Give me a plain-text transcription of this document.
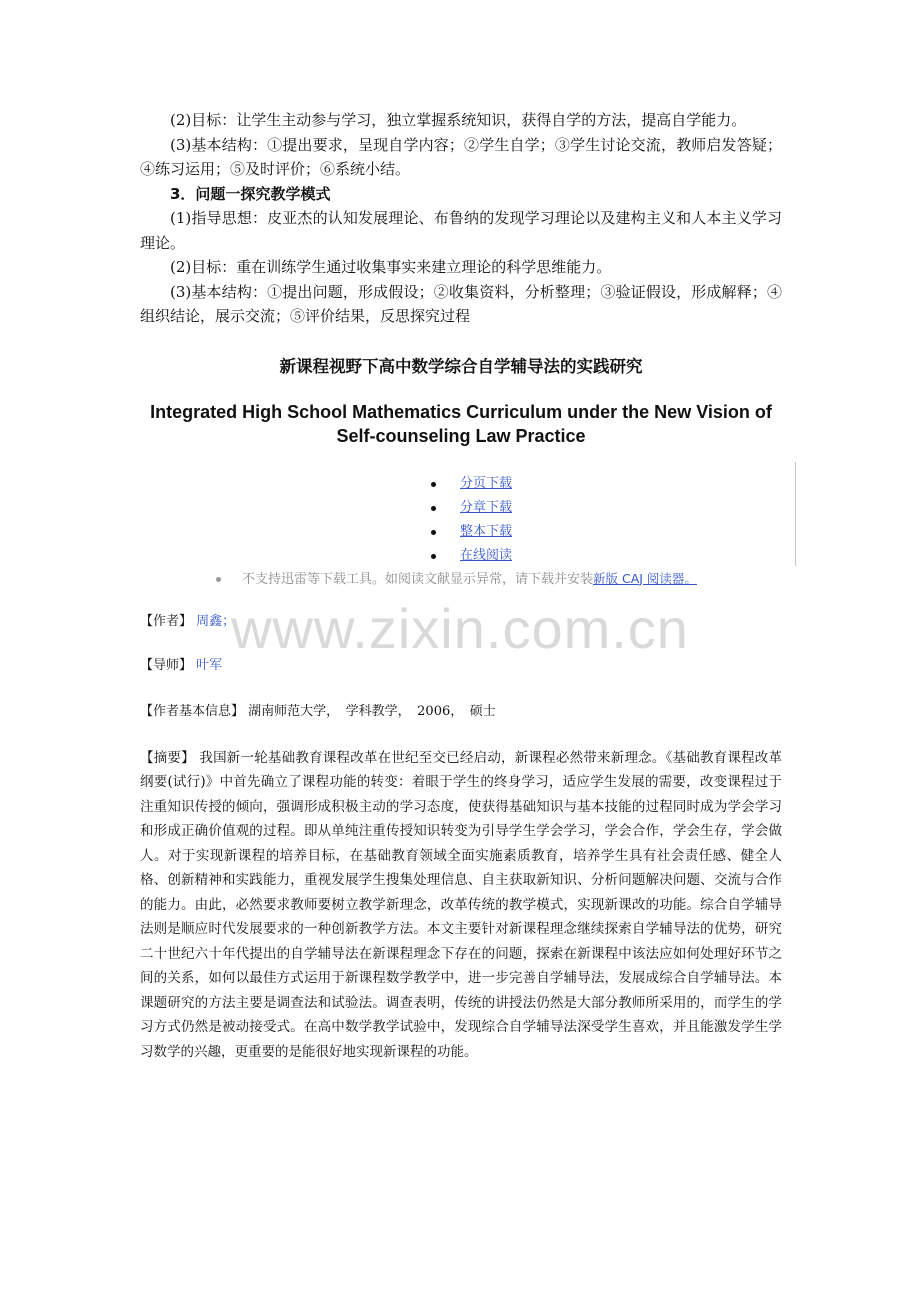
www.zixin.com.cn

(2)目标：让学生主动参与学习，独立掌握系统知识，获得自学的方法，提高自学能力。

(3)基本结构：①提出要求，呈现自学内容；②学生自学；③学生讨论交流，教师启发答疑；④练习运用；⑤及时评价；⑥系统小结。

3．问题一探究教学模式

(1)指导思想：皮亚杰的认知发展理论、布鲁纳的发现学习理论以及建构主义和人本主义学习理论。

(2)目标：重在训练学生通过收集事实来建立理论的科学思维能力。

(3)基本结构：①提出问题，形成假设；②收集资料，分析整理；③验证假设，形成解释；④组织结论，展示交流；⑤评价结果，反思探究过程

新课程视野下高中数学综合自学辅导法的实践研究
Integrated High School Mathematics Curriculum under the New Vision of Self-counseling Law Practice
分页下载
分章下载
整本下载
在线阅读
不支持迅雷等下载工具。如阅读文献显示异常，请下载并安装新版 CAJ 阅读器。

【作者】 周鑫；

【导师】 叶军

【作者基本信息】 湖南师范大学，　学科教学，　2006，　硕士

【摘要】 我国新一轮基础教育课程改革在世纪至交已经启动，新课程必然带来新理念。《基础教育课程改革纲要(试行)》中首先确立了课程功能的转变：着眼于学生的终身学习，适应学生发展的需要，改变课程过于注重知识传授的倾向，强调形成积极主动的学习态度，使获得基础知识与基本技能的过程同时成为学会学习和形成正确价值观的过程。即从单纯注重传授知识转变为引导学生学会学习，学会合作，学会生存，学会做人。对于实现新课程的培养目标，在基础教育领域全面实施素质教育，培养学生具有社会责任感、健全人格、创新精神和实践能力，重视发展学生搜集处理信息、自主获取新知识、分析问题解决问题、交流与合作的能力。由此，必然要求教师要树立教学新理念，改革传统的教学模式，实现新课改的功能。综合自学辅导法则是顺应时代发展要求的一种创新教学方法。本文主要针对新课程理念继续探索自学辅导法的优势，研究二十世纪六十年代提出的自学辅导法在新课程理念下存在的问题，探索在新课程中该法应如何处理好环节之间的关系，如何以最佳方式运用于新课程数学教学中，进一步完善自学辅导法，发展成综合自学辅导法。本课题研究的方法主要是调查法和试验法。调查表明，传统的讲授法仍然是大部分教师所采用的，而学生的学习方式仍然是被动接受式。在高中数学教学试验中，发现综合自学辅导法深受学生喜欢，并且能激发学生学习数学的兴趣，更重要的是能很好地实现新课程的功能。
